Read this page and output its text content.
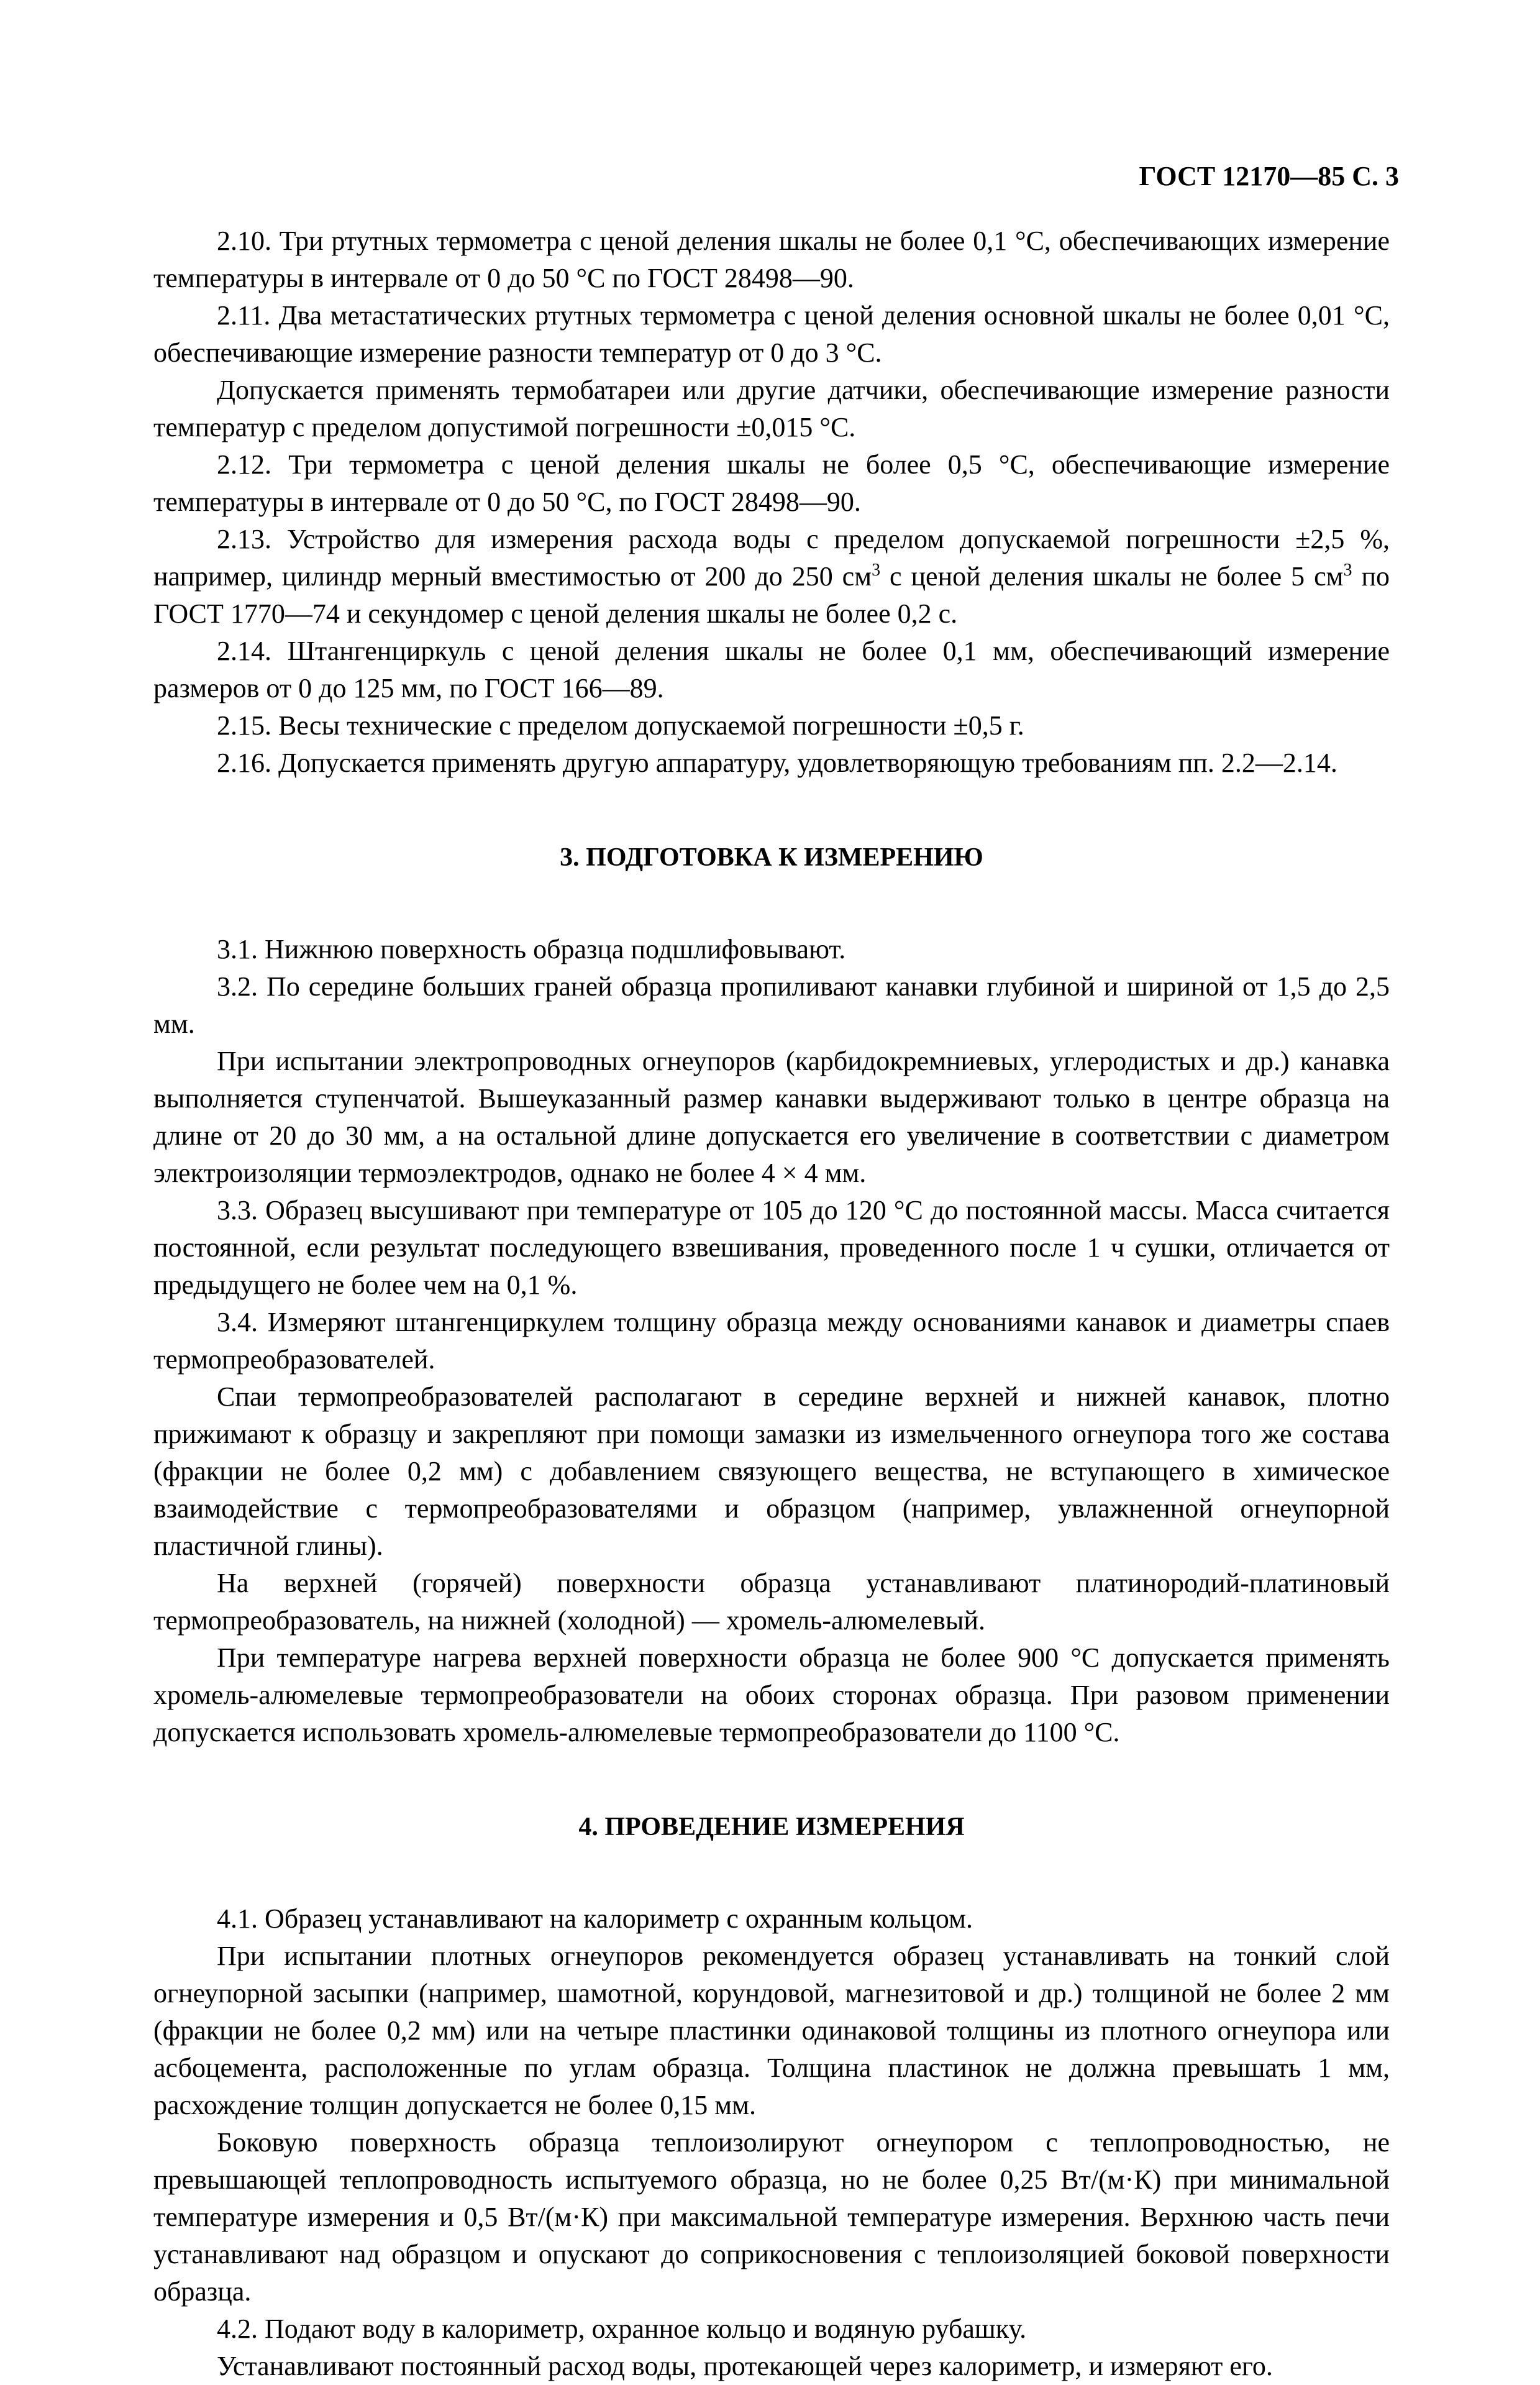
ГОСТ 12170—85 С. 3

2.10. Три ртутных термометра с ценой деления шкалы не более 0,1 °С, обеспечивающих измерение температуры в интервале от 0 до 50 °С по ГОСТ 28498—90.

2.11. Два метастатических ртутных термометра с ценой деления основной шкалы не более 0,01 °С, обеспечивающие измерение разности температур от 0 до 3 °С.

Допускается применять термобатареи или другие датчики, обеспечивающие измерение разности температур с пределом допустимой погрешности ±0,015 °С.

2.12. Три термометра с ценой деления шкалы не более 0,5 °С, обеспечивающие измерение температуры в интервале от 0 до 50 °С, по ГОСТ 28498—90.

2.13. Устройство для измерения расхода воды с пределом допускаемой погрешности ±2,5 %, например, цилиндр мерный вместимостью от 200 до 250 $см^3$ с ценой деления шкалы не более 5 $см^3$ по ГОСТ 1770—74 и секундомер с ценой деления шкалы не более 0,2 с.

2.14. Штангенциркуль с ценой деления шкалы не более 0,1 мм, обеспечивающий измерение размеров от 0 до 125 мм, по ГОСТ 166—89.

2.15. Весы технические с пределом допускаемой погрешности ±0,5 г.

2.16. Допускается применять другую аппаратуру, удовлетворяющую требованиям пп. 2.2—2.14.

3. ПОДГОТОВКА К ИЗМЕРЕНИЮ

3.1. Нижнюю поверхность образца подшлифовывают.

3.2. По середине больших граней образца пропиливают канавки глубиной и шириной от 1,5 до 2,5 мм.

При испытании электропроводных огнеупоров (карбидокремниевых, углеродистых и др.) канавка выполняется ступенчатой. Вышеуказанный размер канавки выдерживают только в центре образца на длине от 20 до 30 мм, а на остальной длине допускается его увеличение в соответствии с диаметром электроизоляции термоэлектродов, однако не более 4 × 4 мм.

3.3. Образец высушивают при температуре от 105 до 120 °С до постоянной массы. Масса считается постоянной, если результат последующего взвешивания, проведенного после 1 ч сушки, отличается от предыдущего не более чем на 0,1 %.

3.4. Измеряют штангенциркулем толщину образца между основаниями канавок и диаметры спаев термопреобразователей.

Спаи термопреобразователей располагают в середине верхней и нижней канавок, плотно прижимают к образцу и закрепляют при помощи замазки из измельченного огнеупора того же состава (фракции не более 0,2 мм) с добавлением связующего вещества, не вступающего в химическое взаимодействие с термопреобразователями и образцом (например, увлажненной огнеупорной пластичной глины).

На верхней (горячей) поверхности образца устанавливают платинородий-платиновый термопреобразователь, на нижней (холодной) — хромель-алюмелевый.

При температуре нагрева верхней поверхности образца не более 900 °С допускается применять хромель-алюмелевые термопреобразователи на обоих сторонах образца. При разовом применении допускается использовать хромель-алюмелевые термопреобразователи до 1100 °С.

4. ПРОВЕДЕНИЕ ИЗМЕРЕНИЯ

4.1. Образец устанавливают на калориметр с охранным кольцом.

При испытании плотных огнеупоров рекомендуется образец устанавливать на тонкий слой огнеупорной засыпки (например, шамотной, корундовой, магнезитовой и др.) толщиной не более 2 мм (фракции не более 0,2 мм) или на четыре пластинки одинаковой толщины из плотного огнеупора или асбоцемента, расположенные по углам образца. Толщина пластинок не должна превышать 1 мм, расхождение толщин допускается не более 0,15 мм.

Боковую поверхность образца теплоизолируют огнеупором с теплопроводностью, не превышающей теплопроводность испытуемого образца, но не более 0,25 Вт/(м·К) при минимальной температуре измерения и 0,5 Вт/(м·К) при максимальной температуре измерения. Верхнюю часть печи устанавливают над образцом и опускают до соприкосновения с теплоизоляцией боковой поверхности образца.

4.2. Подают воду в калориметр, охранное кольцо и водяную рубашку.

Устанавливают постоянный расход воды, протекающей через калориметр, и измеряют его.
